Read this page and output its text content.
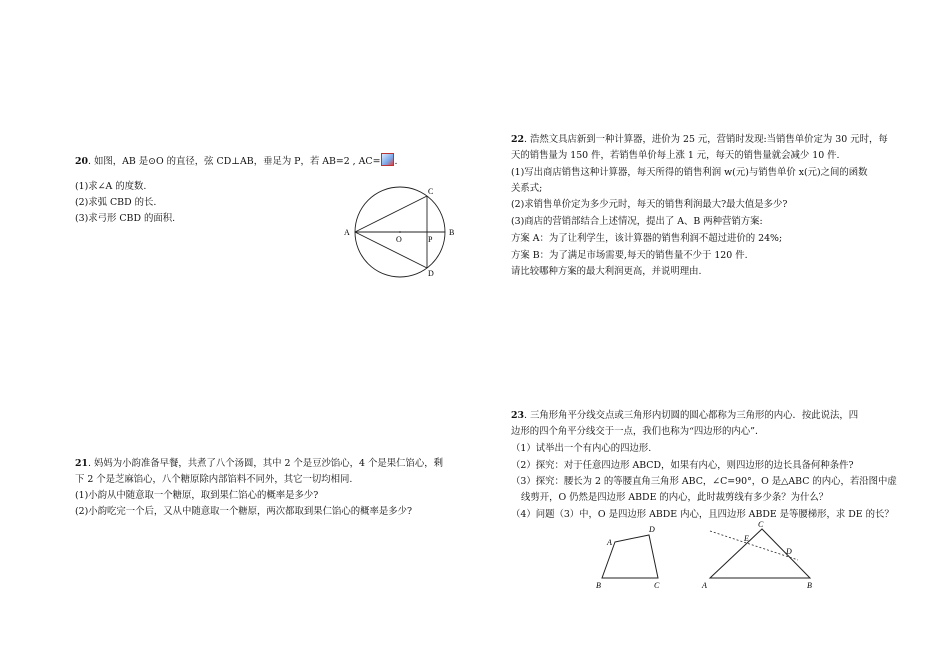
20. 如图，AB 是⊙O 的直径，弦 CD⊥AB，垂足为 P，若 AB=2 , AC= .
(1)求∠A 的度数.
(2)求弧 CBD 的长.
(3)求弓形 CBD 的面积.
A	B
C
D
O	P
21. 妈妈为小韵准备早餐，共煮了八个汤圆，其中 2 个是豆沙馅心，4 个是果仁馅心，剩
下 2 个是芝麻馅心，八个糖原除内部馅料不同外，其它一切均相同.
(1)小韵从中随意取一个糖原，取到果仁馅心的概率是多少?
(2)小韵吃完一个后，又从中随意取一个糖原，两次都取到果仁馅心的概率是多少?
22. 浩然文具店新到一种计算器，进价为 25 元，营销时发现:当销售单价定为 30 元时，每
天的销售量为 150 件，若销售单价每上涨 1 元，每天的销售量就会减少 10 件.
(1)写出商店销售这种计算器，每天所得的销售利润 w(元)与销售单价 x(元)之间的函数
关系式;
(2)求销售单价定为多少元时，每天的销售利润最大?最大值是多少?
(3)商店的营销部结合上述情况，提出了 A、B 两种营销方案:
方案 A：为了让利学生，该计算器的销售利润不超过进价的 24%;
方案 B：为了满足市场需要,每天的销售量不少于 120 件.
请比较哪种方案的最大利润更高，并说明理由.
23. 三角形角平分线交点或三角形内切圆的圆心都称为三角形的内心．按此说法，四
边形的四个角平分线交于一点，我们也称为“四边形的内心”．
（1）试举出一个有内心的四边形.
（2）探究：对于任意四边形 ABCD，如果有内心，则四边形的边长具备何种条件?
（3）探究：腰长为 2 的等腰直角三角形 ABC，∠C=90°，O 是△ABC 的内心，若沿图中虚
线剪开，O 仍然是四边形 ABDE 的内心，此时裁剪线有多少条？为什么？
（4）问题（3）中，O 是四边形 ABDE 内心，且四边形 ABDE 是等腰梯形，求 DE 的长？
A
D
B	C
C
E
D
A	B
